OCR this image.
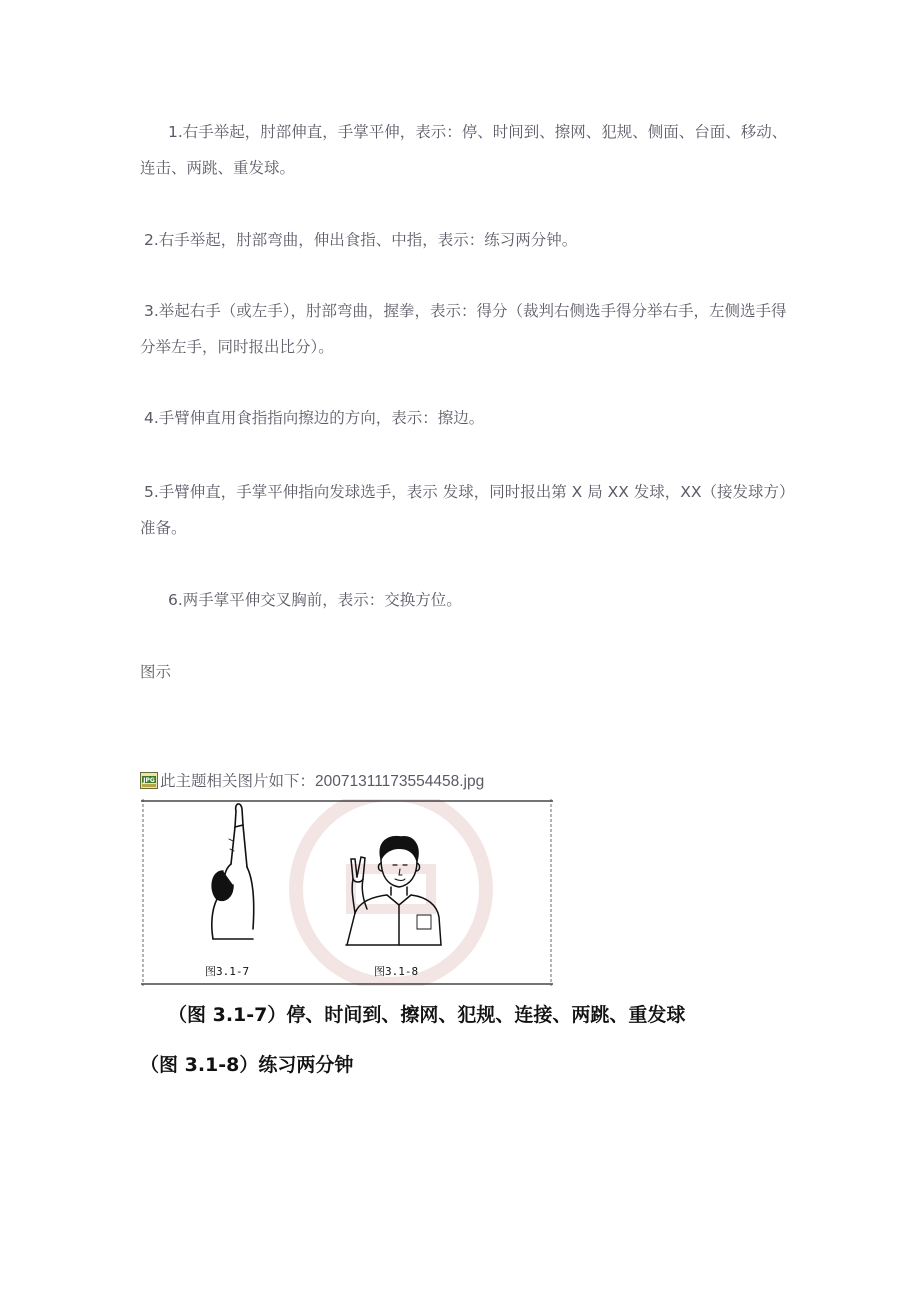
1.右手举起，肘部伸直，手掌平伸，表示：停、时间到、擦网、犯规、侧面、台面、移动、连击、两跳、重发球。

2.右手举起，肘部弯曲，伸出食指、中指，表示：练习两分钟。

3.举起右手（或左手），肘部弯曲，握拳，表示：得分（裁判右侧选手得分举右手，左侧选手得分举左手，同时报出比分）。

4.手臂伸直用食指指向擦边的方向，表示：擦边。

5.手臂伸直，手掌平伸指向发球选手，表示 发球，同时报出第 X 局 XX 发球，XX（接发球方）准备。

6.两手掌平伸交叉胸前，表示：交换方位。

图示

JPG 此主题相关图片如下：20071311173554458.jpg
图3.1-7	图3.1-8

（图 3.1-7）停、时间到、擦网、犯规、连接、两跳、重发球

（图 3.1-8）练习两分钟
